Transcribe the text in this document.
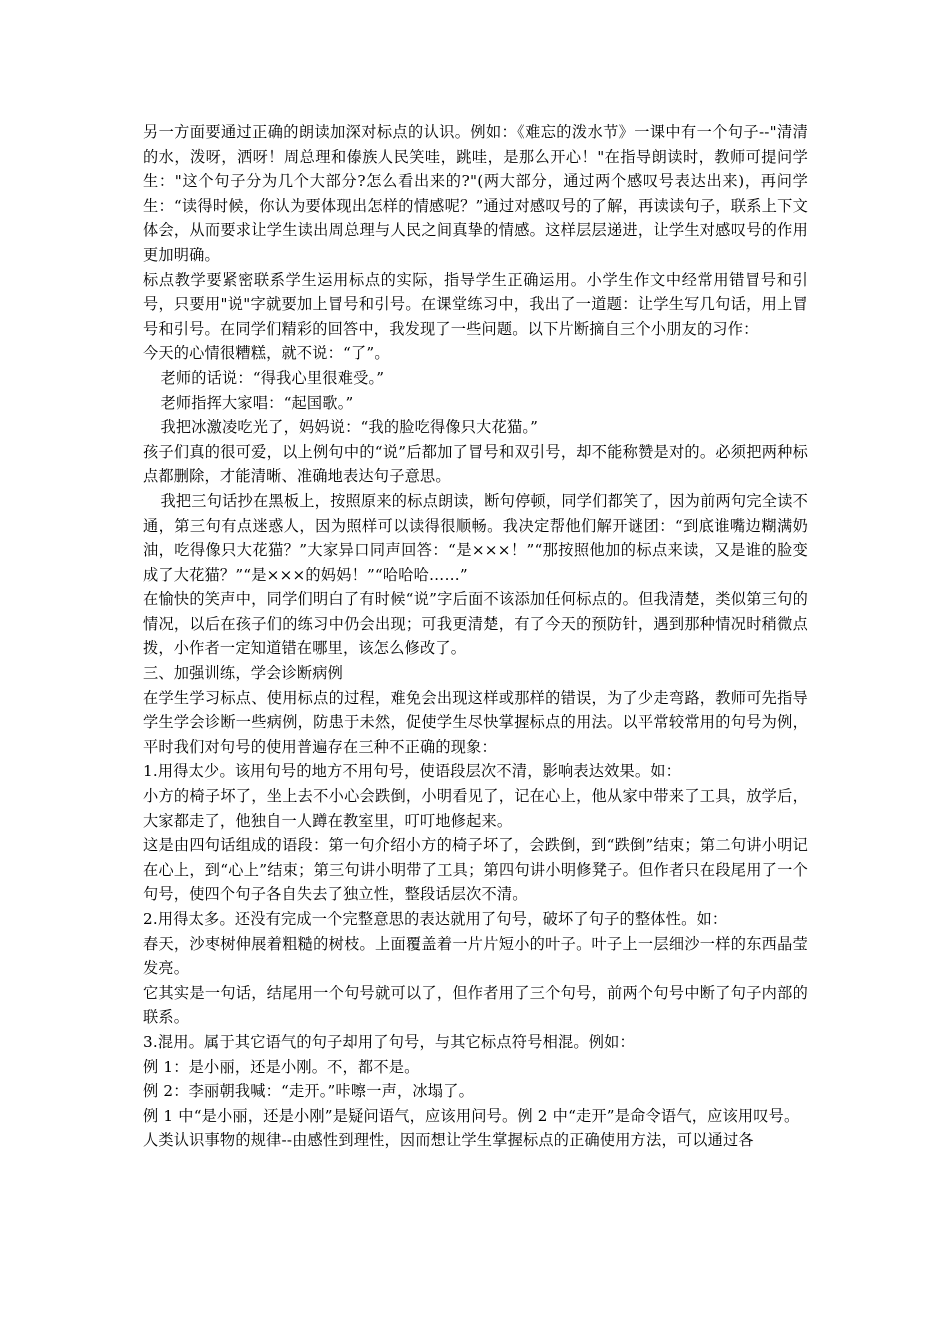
另一方面要通过正确的朗读加深对标点的认识。例如：《难忘的泼水节》一课中有一个句子--"清清的水，泼呀，洒呀！周总理和傣族人民笑哇，跳哇，是那么开心！"在指导朗读时，教师可提问学生："这个句子分为几个大部分?怎么看出来的?"(两大部分，通过两个感叹号表达出来)，再问学生：“读得时候，你认为要体现出怎样的情感呢？”通过对感叹号的了解，再读读句子，联系上下文体会，从而要求让学生读出周总理与人民之间真挚的情感。这样层层递进，让学生对感叹号的作用更加明确。

标点教学要紧密联系学生运用标点的实际，指导学生正确运用。小学生作文中经常用错冒号和引号，只要用"说"字就要加上冒号和引号。在课堂练习中，我出了一道题：让学生写几句话，用上冒号和引号。在同学们精彩的回答中，我发现了一些问题。以下片断摘自三个小朋友的习作：

今天的心情很糟糕，就不说：“了”。

老师的话说：“得我心里很难受。”

老师指挥大家唱：“起国歌。”

我把冰激凌吃光了，妈妈说：“我的脸吃得像只大花猫。”

孩子们真的很可爱，以上例句中的“说”后都加了冒号和双引号，却不能称赞是对的。必须把两种标点都删除，才能清晰、准确地表达句子意思。

我把三句话抄在黑板上，按照原来的标点朗读，断句停顿，同学们都笑了，因为前两句完全读不通，第三句有点迷惑人，因为照样可以读得很顺畅。我决定帮他们解开谜团：“到底谁嘴边糊满奶油，吃得像只大花猫？”大家异口同声回答：“是×××！”“那按照他加的标点来读，又是谁的脸变成了大花猫？”“是×××的妈妈！”“哈哈哈……”

在愉快的笑声中，同学们明白了有时候“说”字后面不该添加任何标点的。但我清楚，类似第三句的情况，以后在孩子们的练习中仍会出现；可我更清楚，有了今天的预防针，遇到那种情况时稍微点拨，小作者一定知道错在哪里，该怎么修改了。

三、加强训练，学会诊断病例

在学生学习标点、使用标点的过程，难免会出现这样或那样的错误，为了少走弯路，教师可先指导学生学会诊断一些病例，防患于未然，促使学生尽快掌握标点的用法。以平常较常用的句号为例，平时我们对句号的使用普遍存在三种不正确的现象：

1.用得太少。该用句号的地方不用句号，使语段层次不清，影响表达效果。如：

小方的椅子坏了，坐上去不小心会跌倒，小明看见了，记在心上，他从家中带来了工具，放学后，大家都走了，他独自一人蹲在教室里，叮叮地修起来。

这是由四句话组成的语段：第一句介绍小方的椅子坏了，会跌倒，到“跌倒”结束；第二句讲小明记在心上，到“心上”结束；第三句讲小明带了工具；第四句讲小明修凳子。但作者只在段尾用了一个句号，使四个句子各自失去了独立性，整段话层次不清。

2.用得太多。还没有完成一个完整意思的表达就用了句号，破坏了句子的整体性。如：

春天，沙枣树伸展着粗糙的树枝。上面覆盖着一片片短小的叶子。叶子上一层细沙一样的东西晶莹发亮。

它其实是一句话，结尾用一个句号就可以了，但作者用了三个句号，前两个句号中断了句子内部的联系。

3.混用。属于其它语气的句子却用了句号，与其它标点符号相混。例如：

例 1：是小丽，还是小刚。不，都不是。

例 2：李丽朝我喊：“走开。”咔嚓一声，冰塌了。

例 1 中“是小丽，还是小刚”是疑问语气，应该用问号。例 2 中“走开”是命令语气，应该用叹号。

人类认识事物的规律--由感性到理性，因而想让学生掌握标点的正确使用方法，可以通过各
